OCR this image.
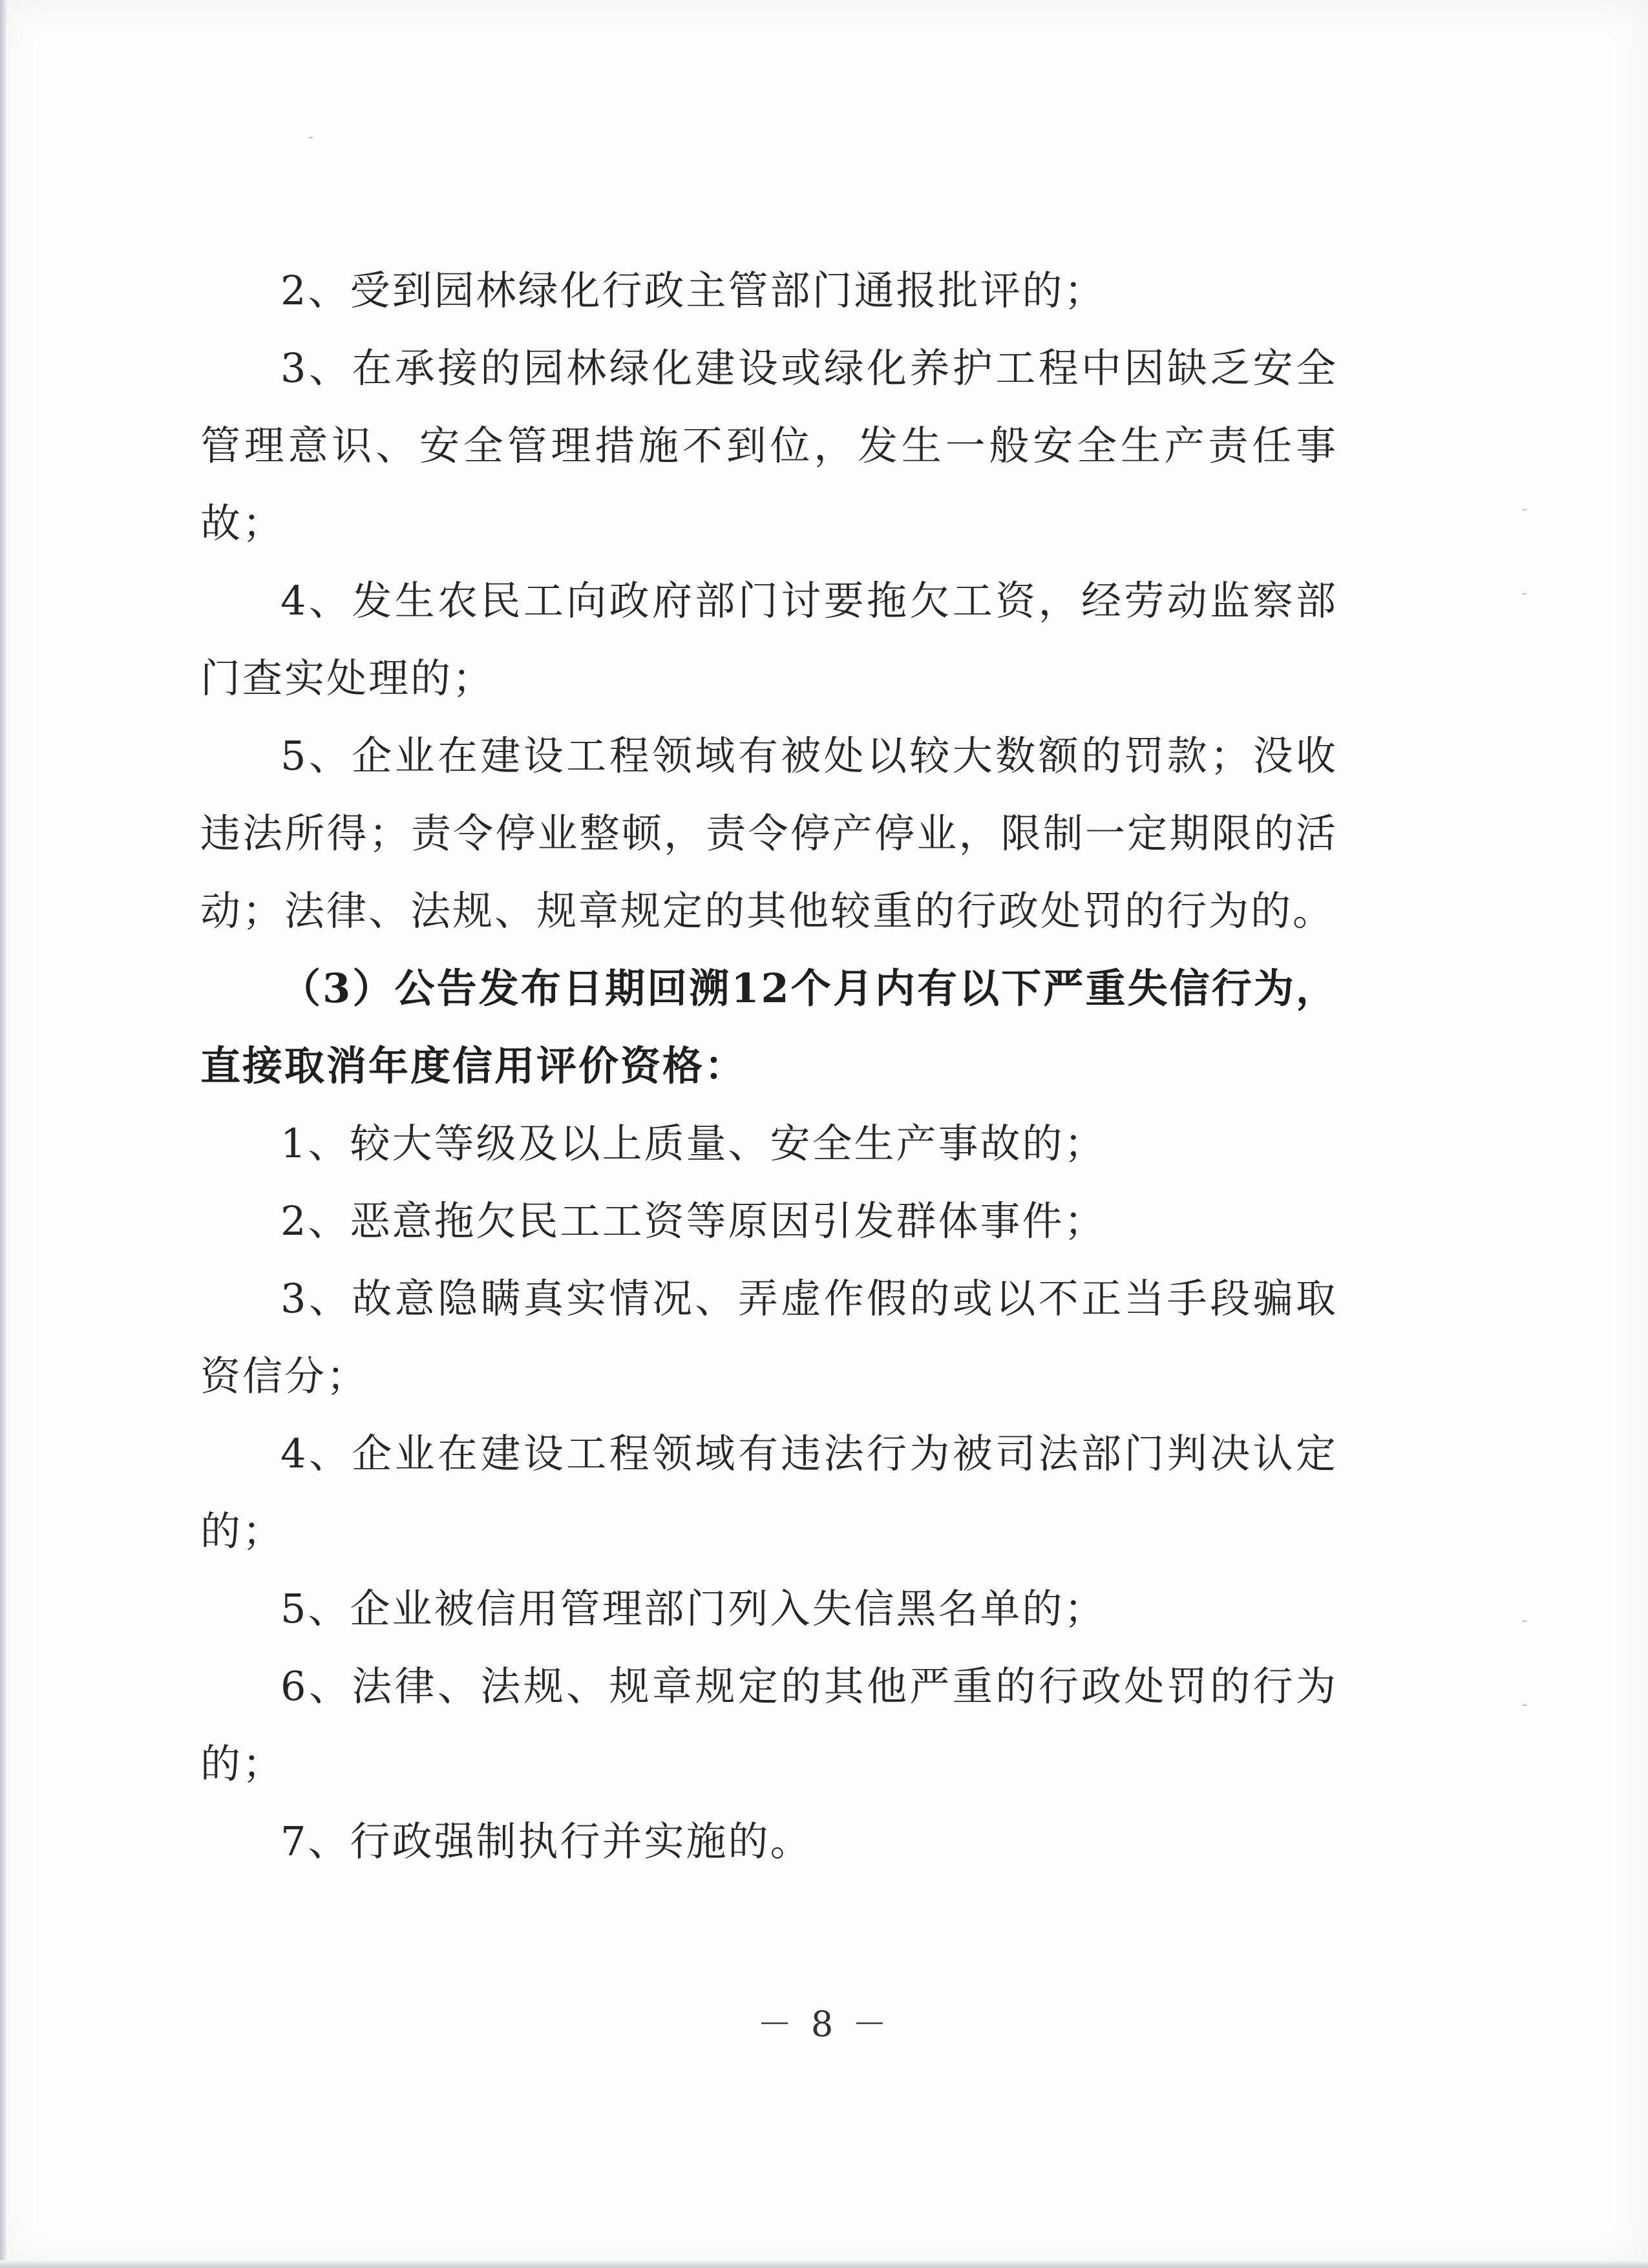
2、受到园林绿化行政主管部门通报批评的；

3、在承接的园林绿化建设或绿化养护工程中因缺乏安全管理意识、安全管理措施不到位，发生一般安全生产责任事故；

4、发生农民工向政府部门讨要拖欠工资，经劳动监察部门查实处理的；

5、企业在建设工程领域有被处以较大数额的罚款；没收违法所得；责令停业整顿，责令停产停业，限制一定期限的活动；法律、法规、规章规定的其他较重的行政处罚的行为的。

（3）公告发布日期回溯12个月内有以下严重失信行为，直接取消年度信用评价资格：

1、较大等级及以上质量、安全生产事故的；

2、恶意拖欠民工工资等原因引发群体事件；

3、故意隐瞒真实情况、弄虚作假的或以不正当手段骗取资信分；

4、企业在建设工程领域有违法行为被司法部门判决认定的；

5、企业被信用管理部门列入失信黑名单的；

6、法律、法规、规章规定的其他严重的行政处罚的行为的；

7、行政强制执行并实施的。

－ 8 －
